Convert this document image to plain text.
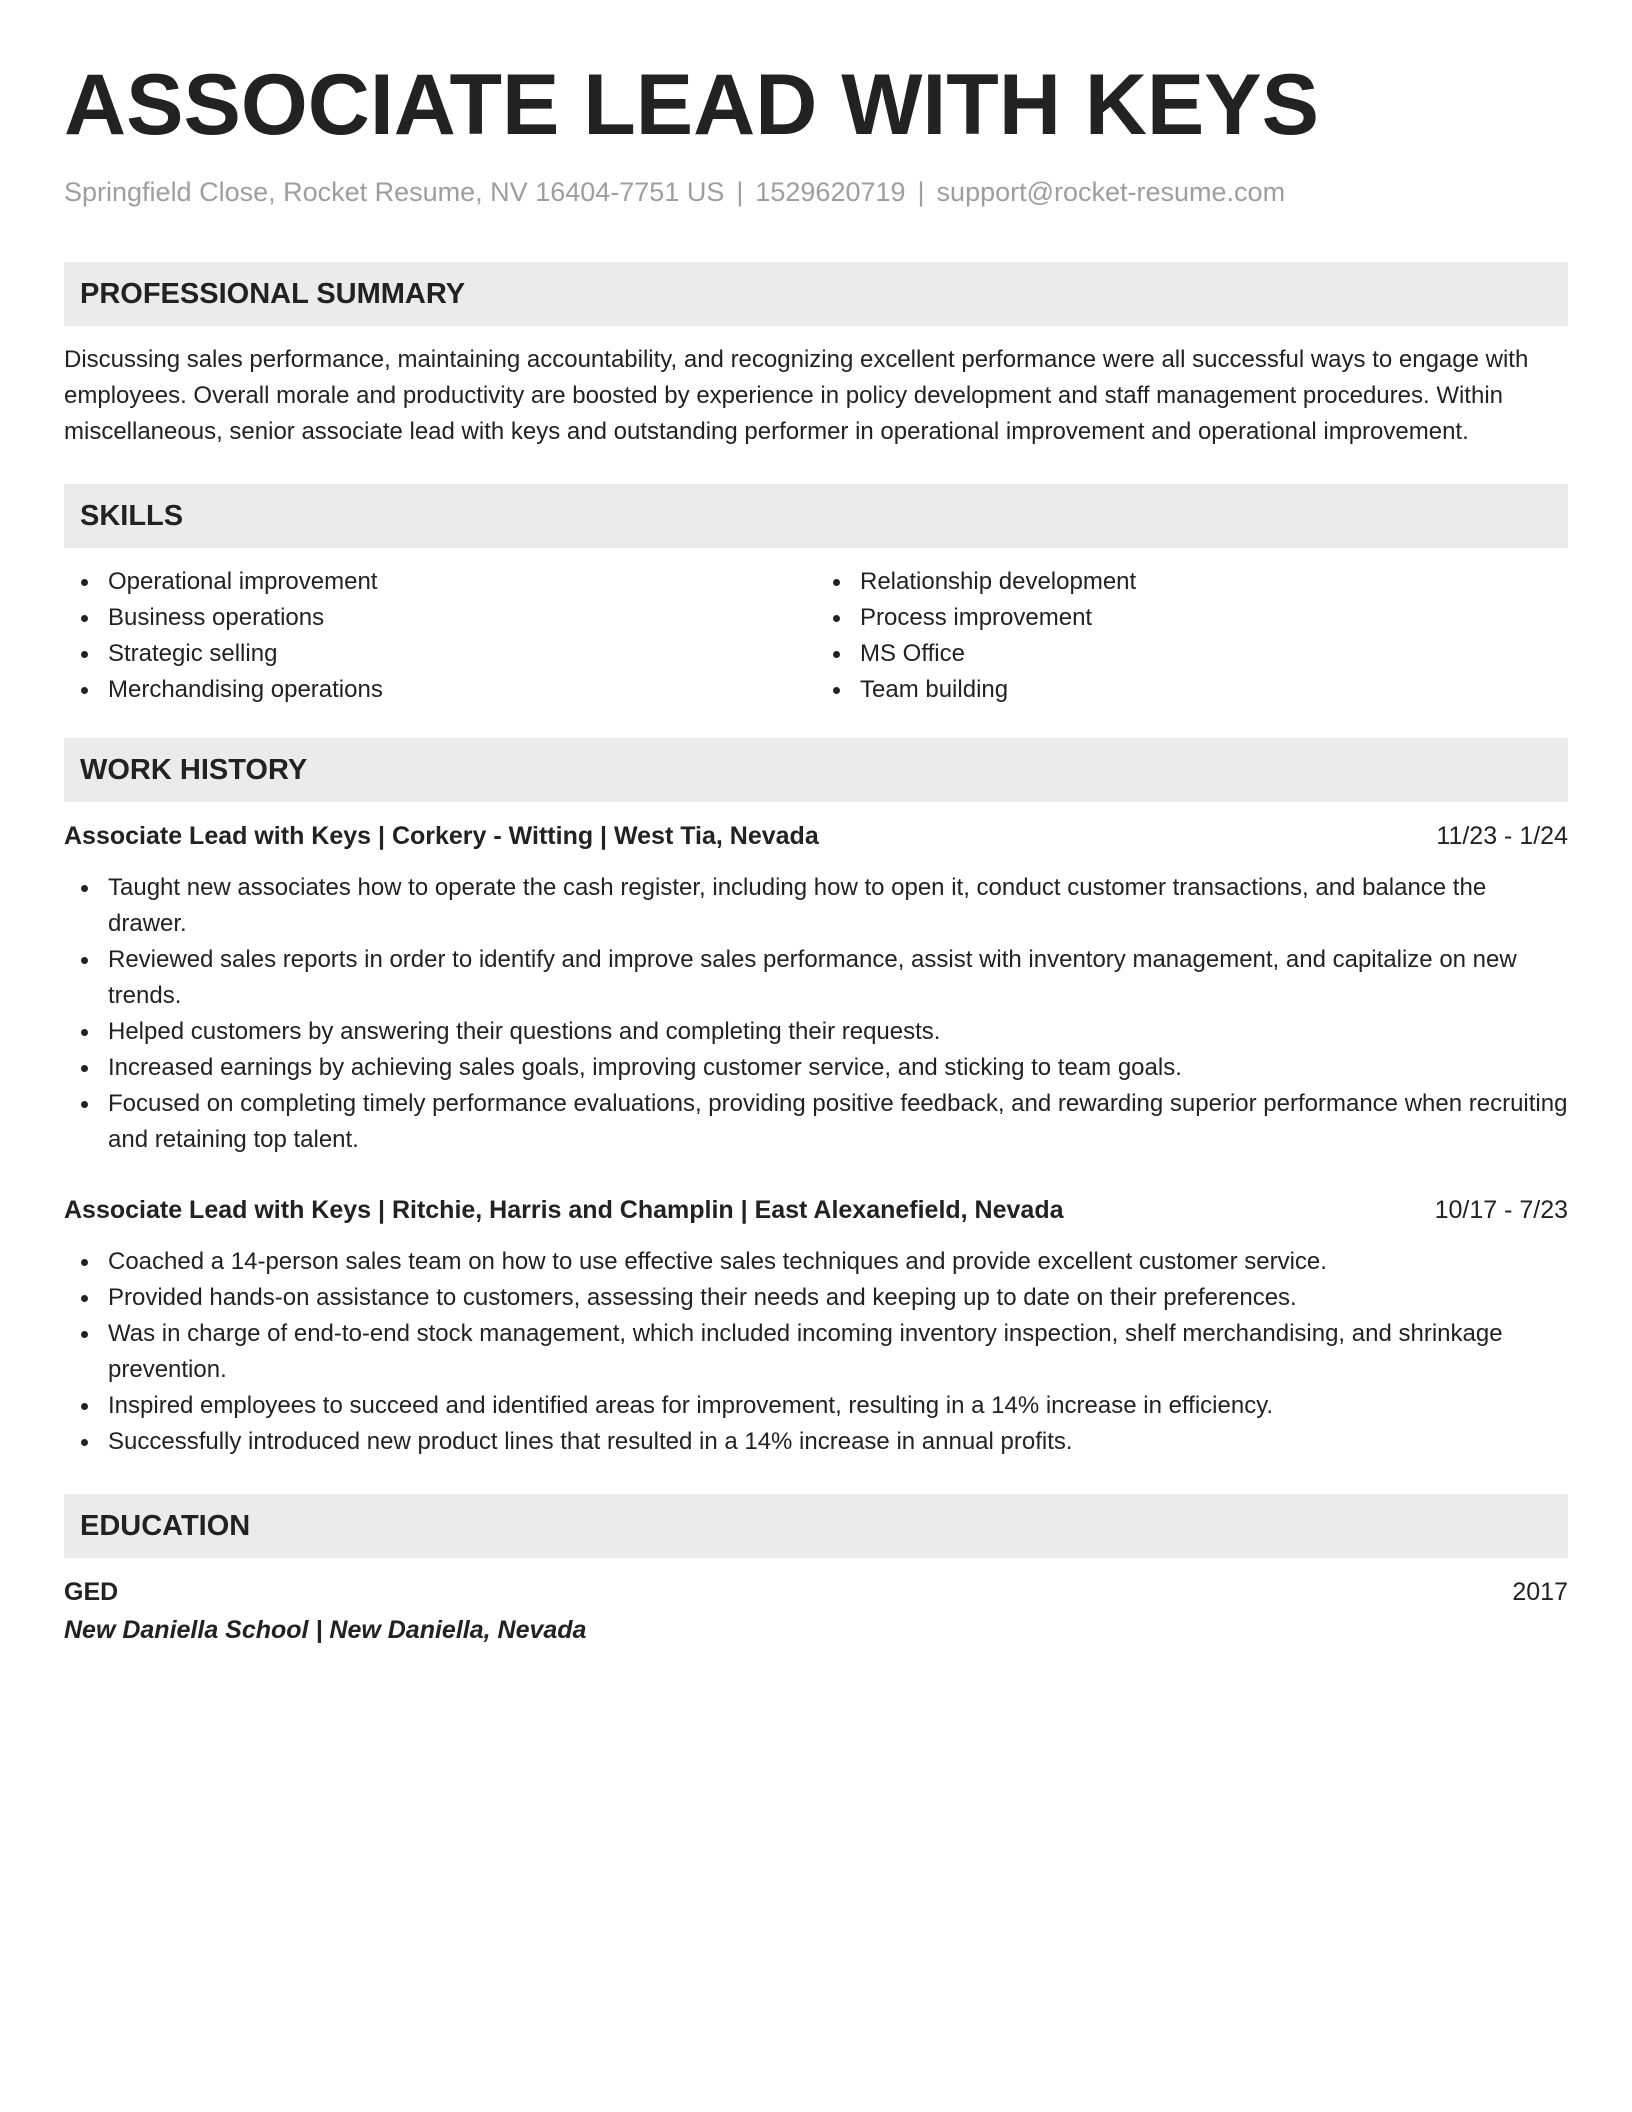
ASSOCIATE LEAD WITH KEYS
Springfield Close, Rocket Resume, NV 16404-7751 US | 1529620719 | support@rocket-resume.com
PROFESSIONAL SUMMARY
Discussing sales performance, maintaining accountability, and recognizing excellent performance were all successful ways to engage with employees. Overall morale and productivity are boosted by experience in policy development and staff management procedures. Within miscellaneous, senior associate lead with keys and outstanding performer in operational improvement and operational improvement.
SKILLS
Operational improvement
Business operations
Strategic selling
Merchandising operations
Relationship development
Process improvement
MS Office
Team building
WORK HISTORY
Associate Lead with Keys | Corkery - Witting | West Tia, Nevada	11/23 - 1/24
Taught new associates how to operate the cash register, including how to open it, conduct customer transactions, and balance the drawer.
Reviewed sales reports in order to identify and improve sales performance, assist with inventory management, and capitalize on new trends.
Helped customers by answering their questions and completing their requests.
Increased earnings by achieving sales goals, improving customer service, and sticking to team goals.
Focused on completing timely performance evaluations, providing positive feedback, and rewarding superior performance when recruiting and retaining top talent.
Associate Lead with Keys | Ritchie, Harris and Champlin | East Alexanefield, Nevada	10/17 - 7/23
Coached a 14-person sales team on how to use effective sales techniques and provide excellent customer service.
Provided hands-on assistance to customers, assessing their needs and keeping up to date on their preferences.
Was in charge of end-to-end stock management, which included incoming inventory inspection, shelf merchandising, and shrinkage prevention.
Inspired employees to succeed and identified areas for improvement, resulting in a 14% increase in efficiency.
Successfully introduced new product lines that resulted in a 14% increase in annual profits.
EDUCATION
GED	2017
New Daniella School | New Daniella, Nevada
